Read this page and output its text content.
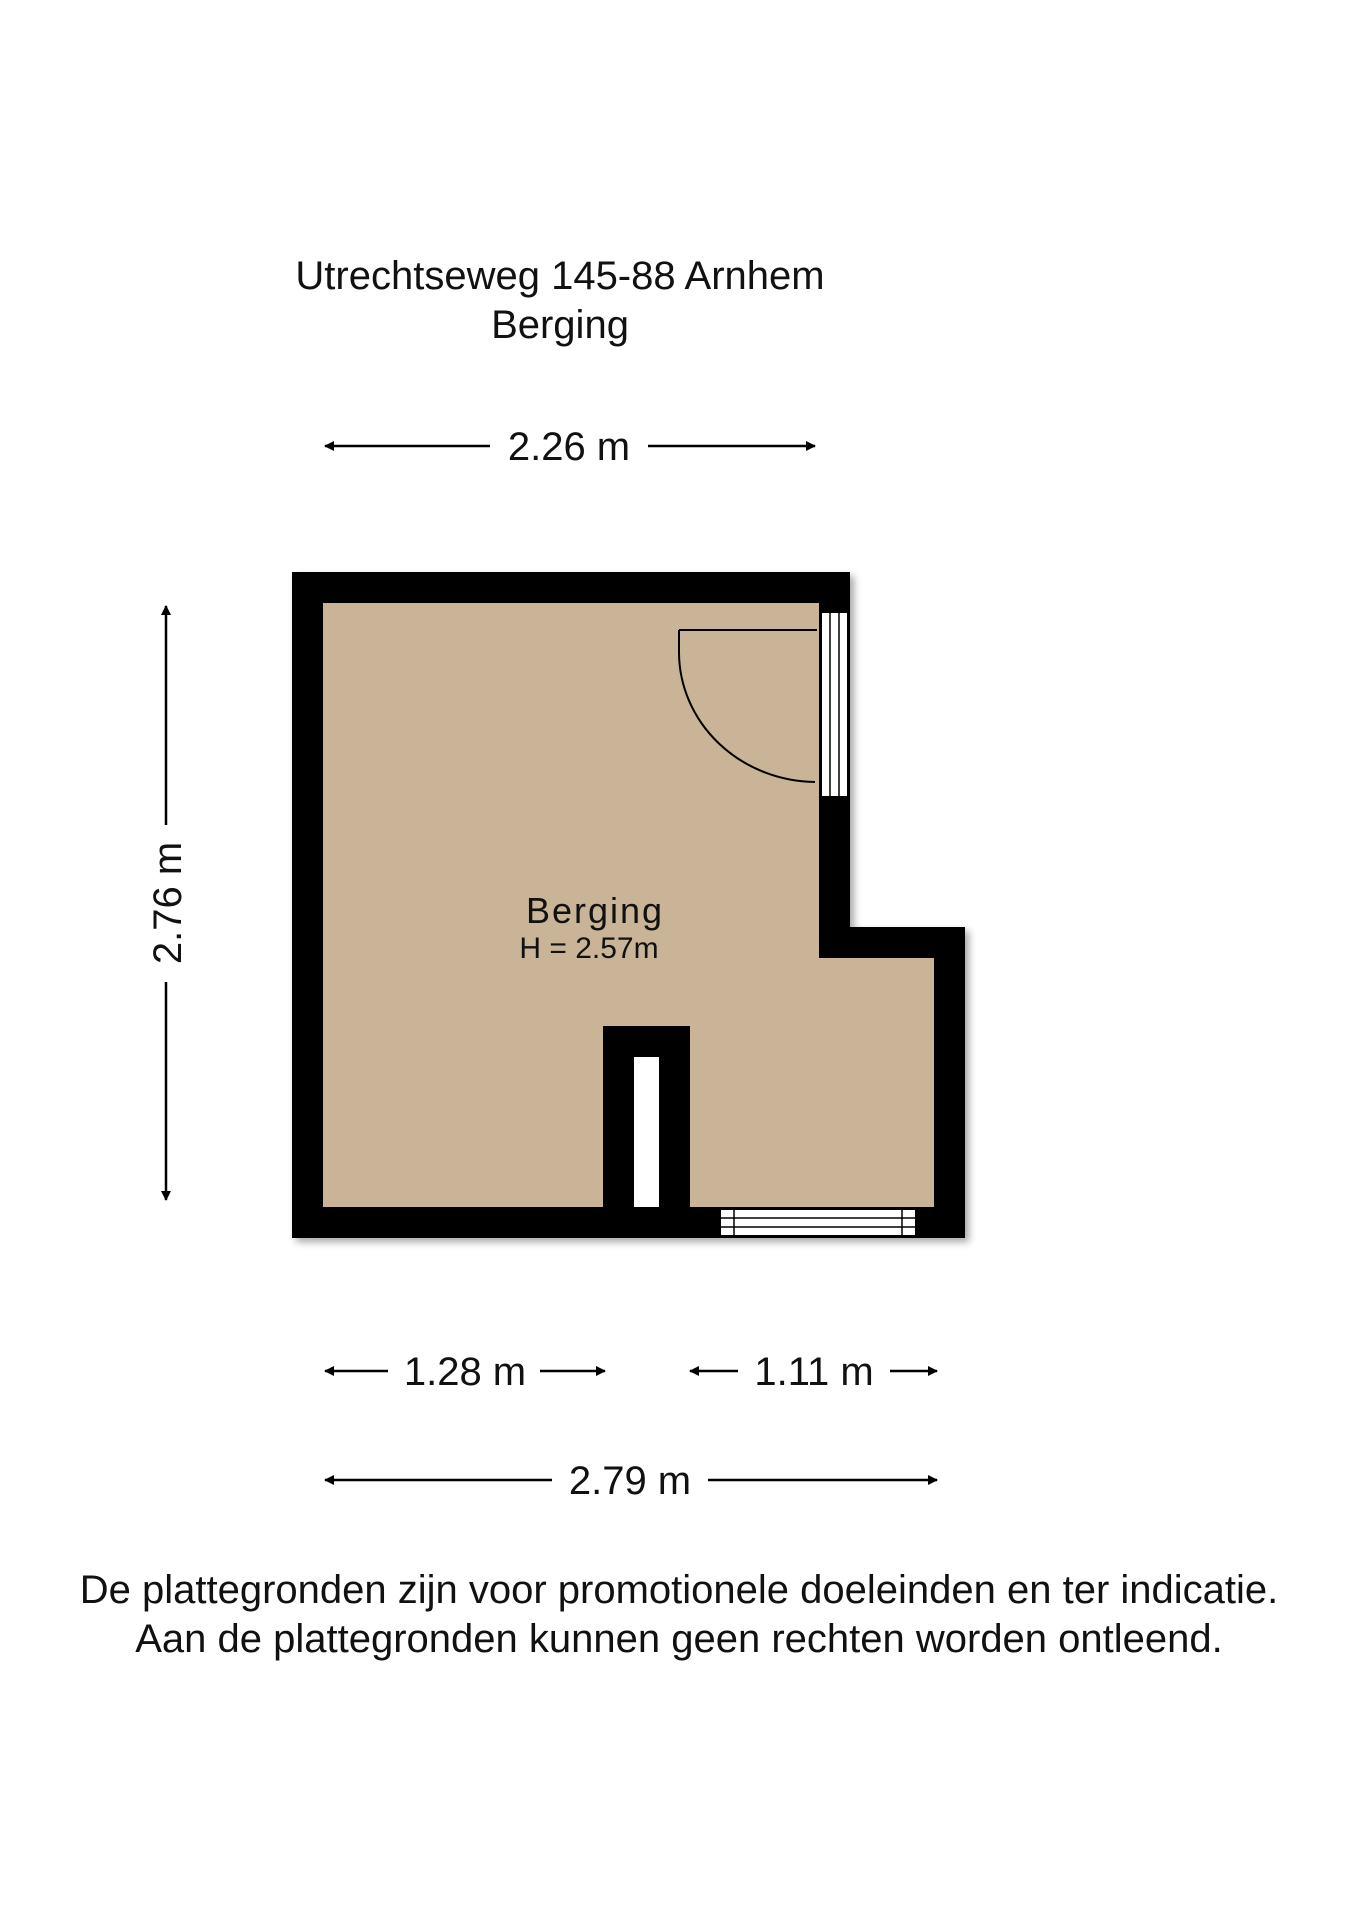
Utrechtseweg 145-88 Arnhem
Berging
2.26 m
2.76 m	Berging
H = 2.57m
1.28 m	1.11 m
2.79 m
De plattegronden zijn voor promotionele doeleinden en ter indicatie.
Aan de plattegronden kunnen geen rechten worden ontleend.
